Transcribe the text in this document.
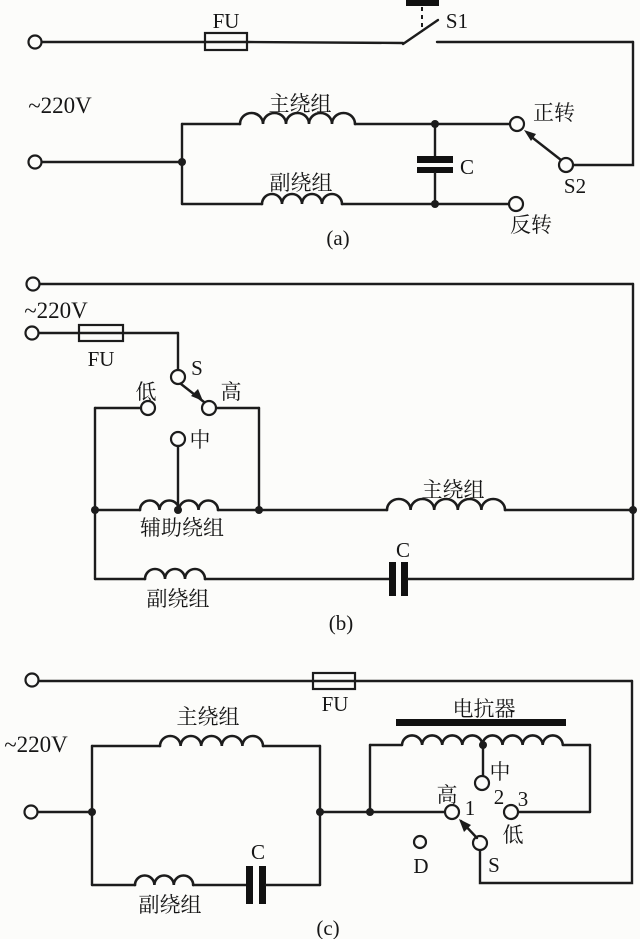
FU	S1
~220V	主绕组
副绕组
C
正转
S2
反转
(a)
~220V
FU	S
低	高
中
辅助绕组
主绕组
副绕组
C
(b)
FU
~220V
电抗器
主绕组
副绕组
C
中
2 3
高
1
低
S
D
(c)
